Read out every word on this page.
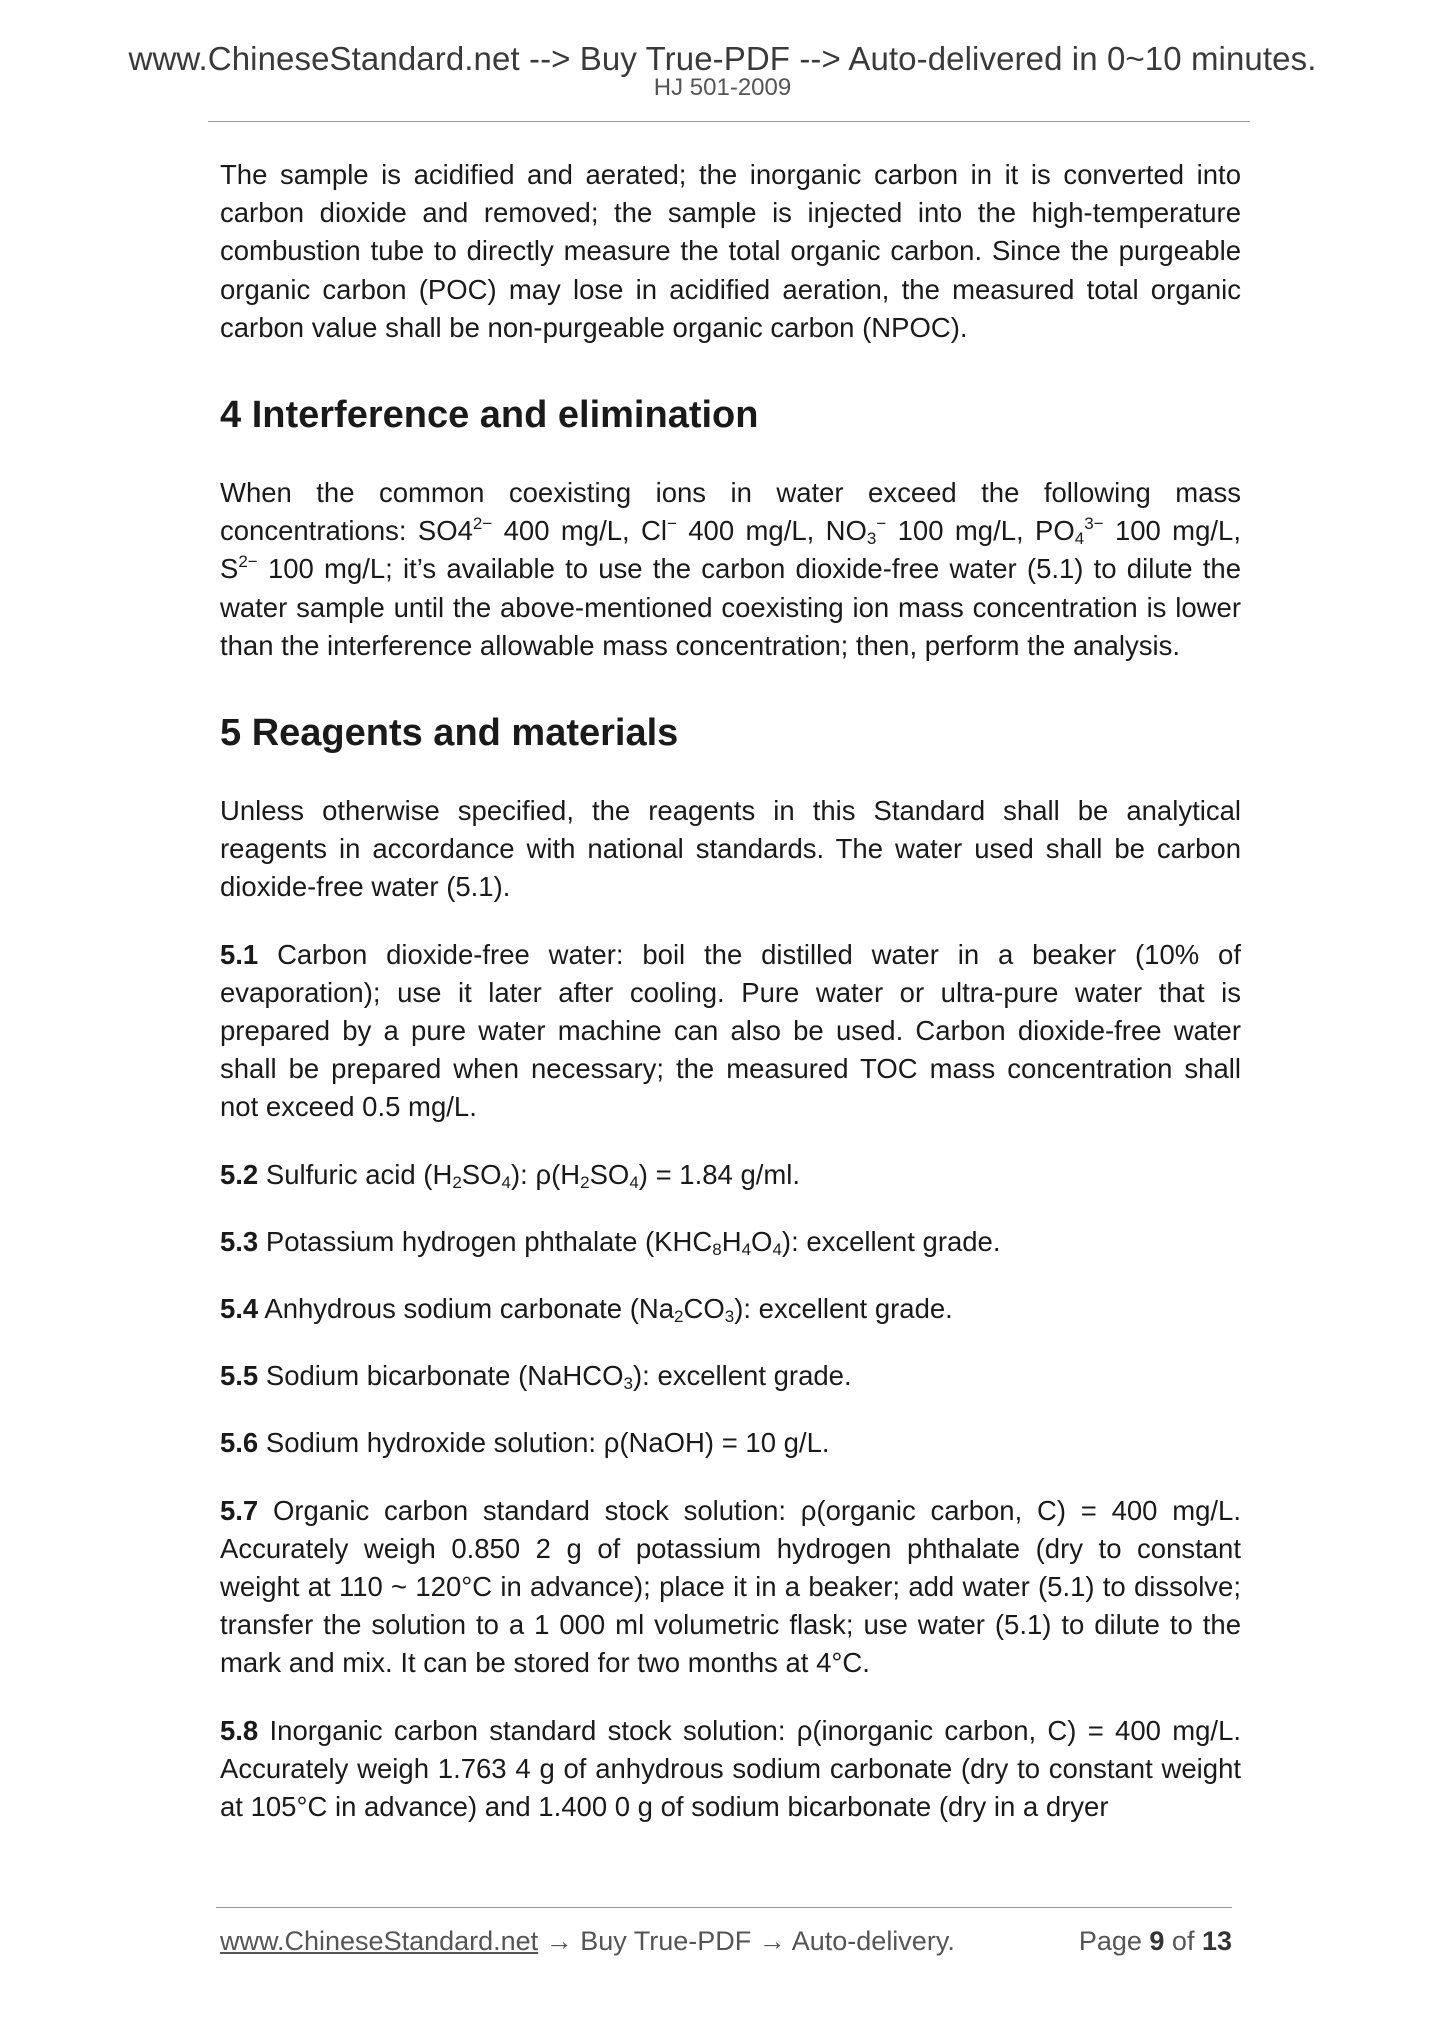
www.ChineseStandard.net --> Buy True-PDF --> Auto-delivered in 0~10 minutes.
HJ 501-2009

The sample is acidified and aerated; the inorganic carbon in it is converted into carbon dioxide and removed; the sample is injected into the high-temperature combustion tube to directly measure the total organic carbon. Since the purgeable organic carbon (POC) may lose in acidified aeration, the measured total organic carbon value shall be non-purgeable organic carbon (NPOC).

4 Interference and elimination

When the common coexisting ions in water exceed the following mass concentrations: $SO4^{2-}$ 400 mg/L, Cl− 400 mg/L, $NO_3^-$ 100 mg/L, $PO_4^{3-}$ 100 mg/L, $S^{2-}$ 100 mg/L; it’s available to use the carbon dioxide-free water (5.1) to dilute the water sample until the above-mentioned coexisting ion mass concentration is lower than the interference allowable mass concentration; then, perform the analysis.

5 Reagents and materials

Unless otherwise specified, the reagents in this Standard shall be analytical reagents in accordance with national standards. The water used shall be carbon dioxide-free water (5.1).

5.1 Carbon dioxide-free water: boil the distilled water in a beaker (10% of evaporation); use it later after cooling. Pure water or ultra-pure water that is prepared by a pure water machine can also be used. Carbon dioxide-free water shall be prepared when necessary; the measured TOC mass concentration shall not exceed 0.5 mg/L.

5.2 Sulfuric acid $(H_2SO_4)$: $\rho(H_2SO_4) = 1.84$ g/ml.

5.3 Potassium hydrogen phthalate $(KHC_8H_4O_4)$: excellent grade.

5.4 Anhydrous sodium carbonate $(Na_2CO_3)$: excellent grade.

5.5 Sodium bicarbonate (NaHCO$_3$): excellent grade.

5.6 Sodium hydroxide solution: ρ(NaOH) = 10 g/L.

5.7 Organic carbon standard stock solution: ρ(organic carbon, C) = 400 mg/L. Accurately weigh 0.850 2 g of potassium hydrogen phthalate (dry to constant weight at 110 ~ 120°C in advance); place it in a beaker; add water (5.1) to dissolve; transfer the solution to a 1 000 ml volumetric flask; use water (5.1) to dilute to the mark and mix. It can be stored for two months at 4°C.

5.8 Inorganic carbon standard stock solution: ρ(inorganic carbon, C) = 400 mg/L. Accurately weigh 1.763 4 g of anhydrous sodium carbonate (dry to constant weight at 105°C in advance) and 1.400 0 g of sodium bicarbonate (dry in a dryer

www.ChineseStandard.net → Buy True-PDF → Auto-delivery.	Page 9 of 13
